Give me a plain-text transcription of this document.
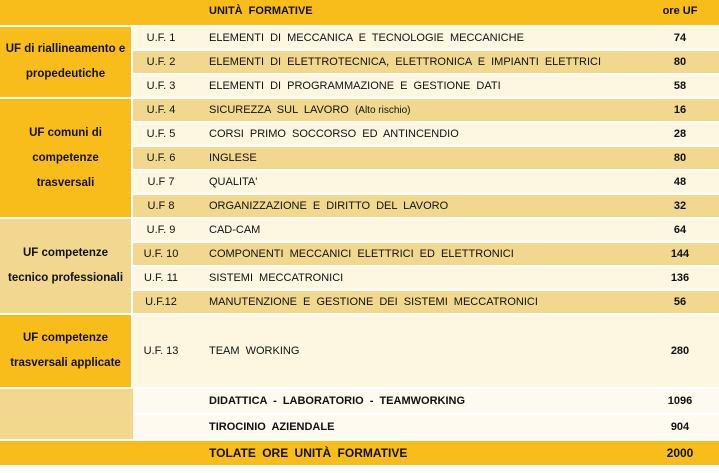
		UNITÀ FORMATIVE	ore UF
UF di riallineamento e propedeutiche	U.F. 1	ELEMENTI DI MECCANICA E TECNOLOGIE MECCANICHE	74
	U.F. 2	ELEMENTI DI ELETTROTECNICA, ELETTRONICA E IMPIANTI ELETTRICI	80
	U.F. 3	ELEMENTI DI PROGRAMMAZIONE E GESTIONE DATI	58
UF comuni di competenze trasversali	U.F. 4	SICUREZZA SUL LAVORO (Alto rischio)	16
	U.F. 5	CORSI PRIMO SOCCORSO ED ANTINCENDIO	28
	U.F. 6	INGLESE	80
	U.F 7	QUALITA'	48
	U.F 8	ORGANIZZAZIONE E DIRITTO DEL LAVORO	32
UF competenze tecnico professionali	U.F. 9	CAD-CAM	64
	U.F. 10	COMPONENTI MECCANICI ELETTRICI ED ELETTRONICI	144
	U.F. 11	SISTEMI MECCATRONICI	136
	U.F.12	MANUTENZIONE E GESTIONE DEI SISTEMI MECCATRONICI	56
UF competenze trasversali applicate	U.F. 13	TEAM WORKING	280
		DIDATTICA - LABORATORIO - TEAMWORKING	1096
		TIROCINIO AZIENDALE	904
		TOLATE ORE UNITÀ FORMATIVE	2000
